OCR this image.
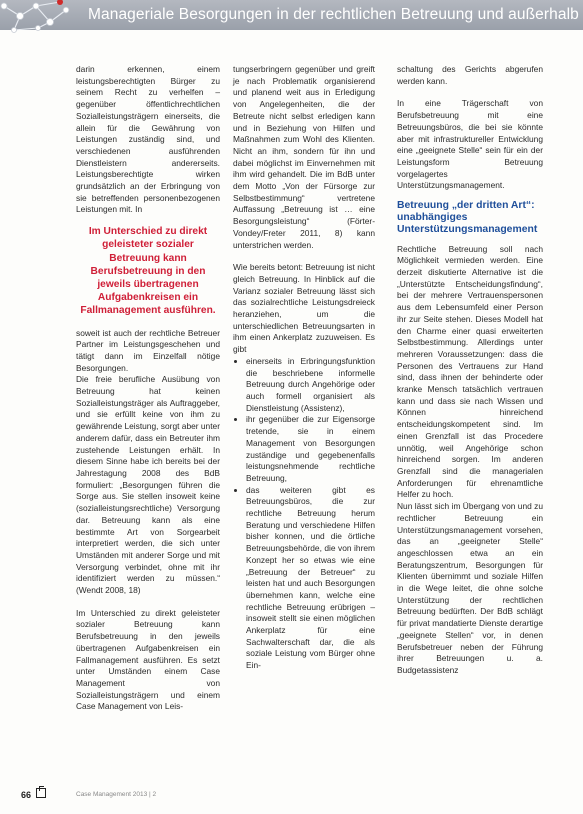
Manageriale Besorgungen in der rechtlichen Betreuung und außerhalb

darin erkennen, einem leistungsberechtigten Bürger zu seinem Recht zu verhelfen – gegenüber öffentlichrechtlichen Sozialleistungsträgern einerseits, die allein für die Gewährung von Leistungen zuständig sind, und verschiedenen ausführenden Dienstleistern andererseits. Leistungsberechtigte wirken grundsätzlich an der Erbringung von sie betreffenden personenbezogenen Leistungen mit. In

Im Unterschied zu direkt geleisteter sozialer Betreuung kann Berufsbetreuung in den jeweils übertragenen Aufgabenkreisen ein Fallmanagement ausführen.

soweit ist auch der rechtliche Betreuer Partner im Leistungsgeschehen und tätigt dann im Einzelfall nötige Besorgungen.

Die freie berufliche Ausübung von Betreuung hat keinen Sozialleistungsträger als Auftraggeber, und sie erfüllt keine von ihm zu gewährende Leistung, sorgt aber unter anderem dafür, dass ein Betreuter ihm zustehende Leistungen erhält. In diesem Sinne habe ich bereits bei der Jahrestagung 2008 des BdB formuliert: „Besorgungen führen die Sorge aus. Sie stellen insoweit keine (sozialleistungsrechtliche) Versorgung dar. Betreuung kann als eine bestimmte Art von Sorgearbeit interpretiert werden, die sich unter Umständen mit anderer Sorge und mit Versorgung verbindet, ohne mit ihr identifiziert werden zu müssen.“ (Wendt 2008, 18)

Im Unterschied zu direkt geleisteter sozialer Betreuung kann Berufsbetreuung in den jeweils übertragenen Aufgabenkreisen ein Fallmanagement ausführen. Es setzt unter Umständen einem Case Management von Sozialleistungsträgern und einem Case Management von Leis-

tungserbringern gegenüber und greift je nach Problematik organisierend und planend weit aus in Erledigung von Angelegenheiten, die der Betreute nicht selbst erledigen kann und in Beziehung von Hilfen und Maßnahmen zum Wohl des Klienten. Nicht an ihm, sondern für ihn und dabei möglichst im Einvernehmen mit ihm wird gehandelt. Die im BdB unter dem Motto „Von der Fürsorge zur Selbstbestimmung“ vertretene Auffassung „Betreuung ist … eine Besorgungsleistung“ (Förter-Vondey/Freter 2011, 8) kann unterstrichen werden.

Wie bereits betont: Betreuung ist nicht gleich Betreuung. In Hinblick auf die Varianz sozialer Betreuung lässt sich das sozialrechtliche Leistungsdreieck heranziehen, um die unterschiedlichen Betreuungsarten in ihm einen Ankerplatz zuzuweisen. Es gibt

• einerseits in Erbringungsfunktion die beschriebene informelle Betreuung durch Angehörige oder auch formell organisiert als Dienstleistung (Assistenz),
• ihr gegenüber die zur Eigensorge tretende, sie in einem Management von Besorgungen zuständige und gegebenenfalls leistungsnehmende rechtliche Betreuung,
• das weiteren gibt es Betreuungsbüros, die zur rechtliche Betreuung herum Beratung und verschiedene Hilfen bisher konnen, und die örtliche Betreuungsbehörde, die von ihrem Konzept her so etwas wie eine „Betreuung der Betreuer“ zu leisten hat und auch Besorgungen übernehmen kann, welche eine rechtliche Betreuung erübrigen – insoweit stellt sie einen möglichen Ankerplatz für eine Sachwalterschaft dar, die als soziale Leistung vom Bürger ohne Ein-

schaltung des Gerichts abgerufen werden kann.

In eine Trägerschaft von Berufsbetreuung mit eine Betreuungsbüros, die bei sie könnte aber mit infrastruktureller Entwicklung eine „geeignete Stelle“ sein für ein der Leistungsform Betreuung vorgelagertes Unterstützungsmanagement.

Betreuung „der dritten Art“: unabhängiges Unterstützungsmanagement

Rechtliche Betreuung soll nach Möglichkeit vermieden werden. Eine derzeit diskutierte Alternative ist die „Unterstützte Entscheidungsfindung“, bei der mehrere Vertrauenspersonen aus dem Lebensumfeld einer Person ihr zur Seite stehen. Dieses Modell hat den Charme einer quasi erweiterten Selbstbestimmung. Allerdings unter mehreren Voraussetzungen: dass die Personen des Vertrauens zur Hand sind, dass ihnen der behinderte oder kranke Mensch tatsächlich vertrauen kann und dass sie nach Wissen und Können hinreichend entscheidungskompetent sind. Im einen Grenzfall ist das Procedere unnötig, weil Angehörige schon hinreichend sorgen. Im anderen Grenzfall sind die managerialen Anforderungen für ehrenamtliche Helfer zu hoch.

Nun lässt sich im Übergang von und zu rechtlicher Betreuung ein Unterstützungsmanagement vorsehen, das an „geeigneter Stelle“ angeschlossen etwa an ein Beratungszentrum, Besorgungen für Klienten übernimmt und soziale Hilfen in die Wege leitet, die ohne solche Unterstützung der rechtlichen Betreuung bedürften. Der BdB schlägt für privat mandatierte Dienste derartige „geeignete Stellen“ vor, in denen Berufsbetreuer neben der Führung ihrer Betreuungen u. a. Budgetassistenz

66	Case Management 2013 | 2
